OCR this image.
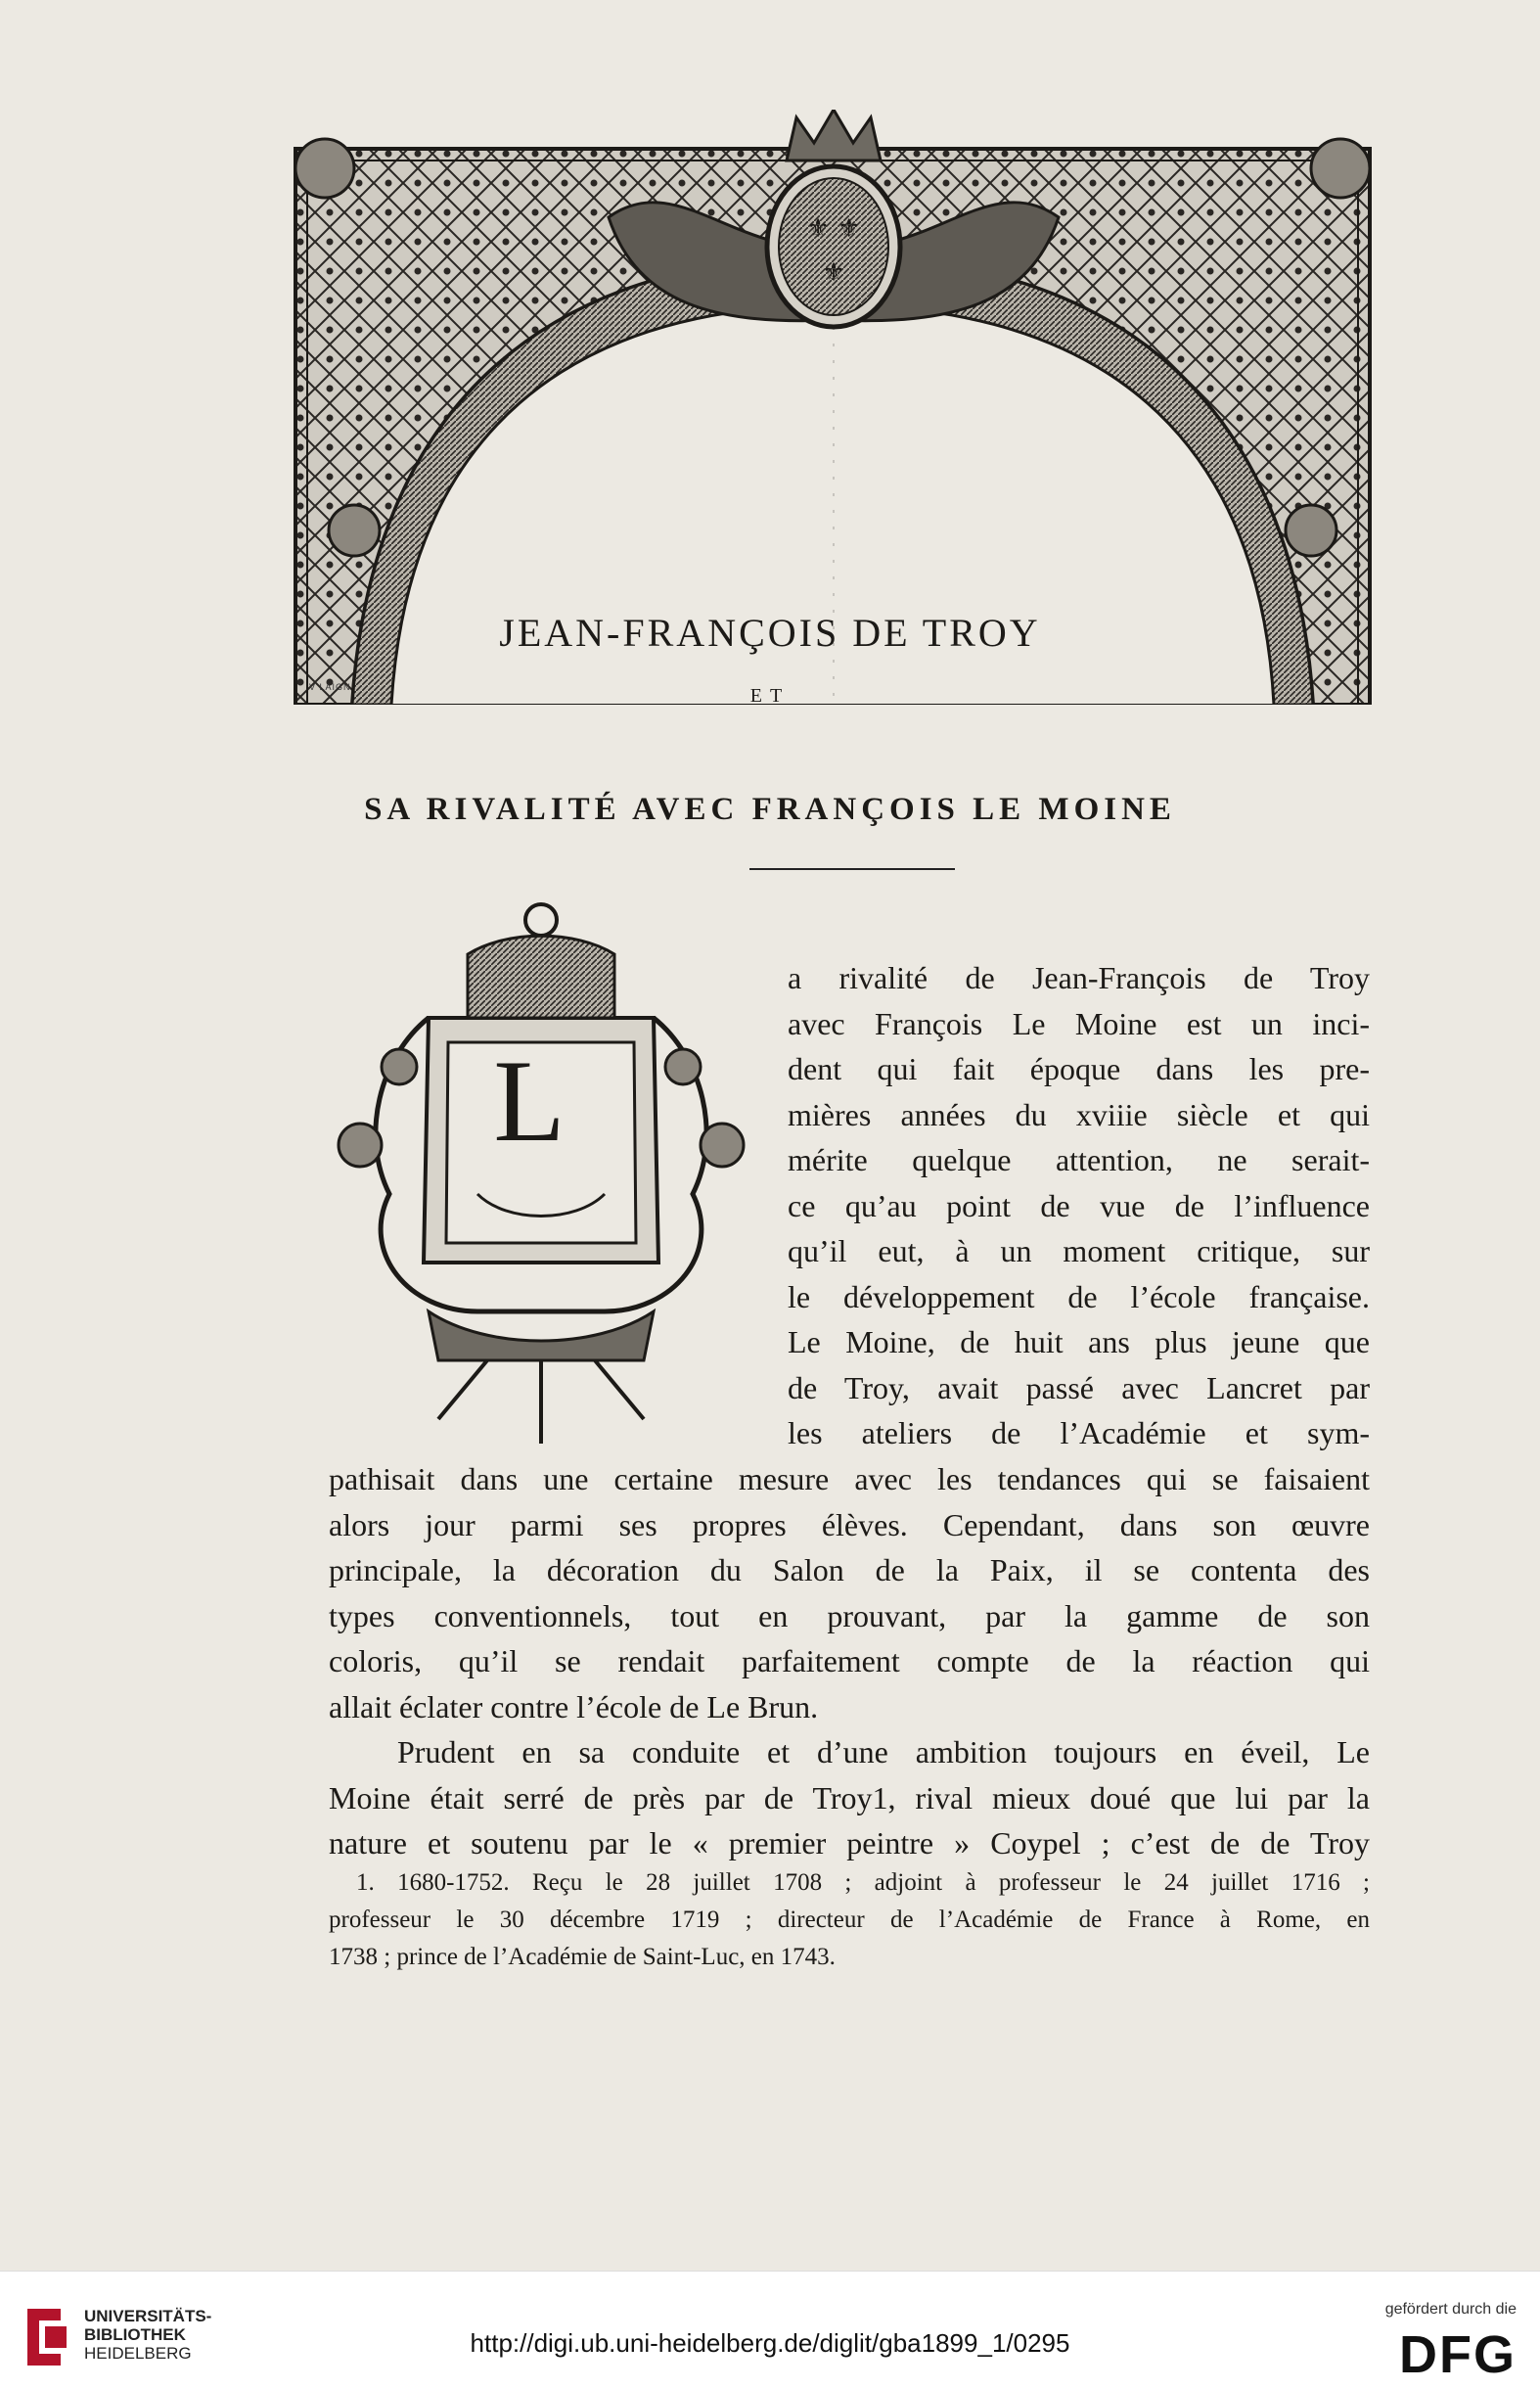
⚜ ⚜
⚜
V LAIGN
JEAN-FRANÇOIS DE TROY
ET
SA RIVALITÉ AVEC FRANÇOIS LE MOINE
L
a rivalité de Jean-François de Troy
avec François Le Moine est un inci-
dent qui fait époque dans les pre-
mières années du xviiie siècle et qui
mérite quelque attention, ne serait-
ce qu’au point de vue de l’influence
qu’il eut, à un moment critique, sur
le développement de l’école française.
Le Moine, de huit ans plus jeune que
de Troy, avait passé avec Lancret par
les ateliers de l’Académie et sym-
pathisait dans une certaine mesure avec les tendances qui se faisaient
alors jour parmi ses propres élèves. Cependant, dans son œuvre
principale, la décoration du Salon de la Paix, il se contenta des
types conventionnels, tout en prouvant, par la gamme de son
coloris, qu’il se rendait parfaitement compte de la réaction qui
allait éclater contre l’école de Le Brun.
Prudent en sa conduite et d’une ambition toujours en éveil, Le
Moine était serré de près par de Troy1, rival mieux doué que lui par la
nature et soutenu par le « premier peintre » Coypel ; c’est de de Troy
1. 1680-1752. Reçu le 28 juillet 1708 ; adjoint à professeur le 24 juillet 1716 ;
professeur le 30 décembre 1719 ; directeur de l’Académie de France à Rome, en
1738 ; prince de l’Académie de Saint-Luc, en 1743.
UNIVERSITÄTS-
BIBLIOTHEK
HEIDELBERG	http://digi.ub.uni-heidelberg.de/diglit/gba1899_1/0295
gefördert durch die
DFG
